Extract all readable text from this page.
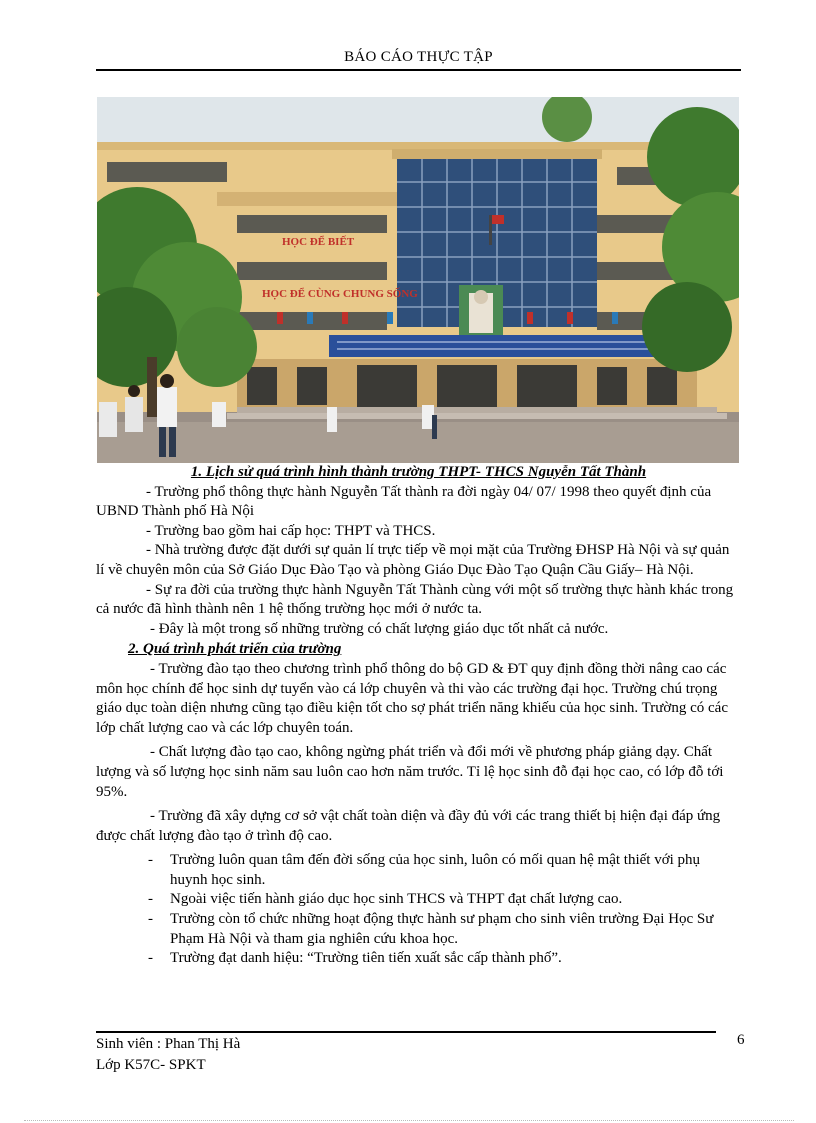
BÁO CÁO THỰC TẬP
HỌC ĐỂ BIẾT
HỌC ĐỂ CÙNG CHUNG SỐNG

1. Lịch sử quá trình hình thành trường THPT- THCS Nguyễn Tất Thành

- Trường phổ thông thực hành Nguyễn Tất thành ra đời ngày 04/ 07/ 1998 theo quyết định của UBND Thành phố Hà Nội

- Trường bao gồm hai cấp học: THPT và THCS.

- Nhà trường được đặt dưới sự quản lí trực tiếp về mọi mặt của Trường ĐHSP Hà Nội và sự quản lí về chuyên môn của Sở Giáo Dục Đào Tạo và phòng Giáo Dục Đào Tạo Quận Cầu Giấy– Hà Nội.

- Sự ra đời của trường thực hành Nguyễn Tất Thành cùng với một số trường thực hành khác trong cả nước đã hình thành nên 1 hệ thống trường học mới ở nước ta.

- Đây là một trong số những trường có chất lượng giáo dục tốt nhất cả nước.

2. Quá trình phát triển của trường

- Trường đào tạo theo chương trình phổ thông do bộ GD & ĐT quy định đồng thời nâng cao các môn học chính để học sinh dự tuyển vào cá lớp chuyên và thi vào các trường đại học. Trường chú trọng giáo dục toàn diện nhưng cũng tạo điều kiện tốt cho sợ phát triển năng khiếu của học sinh. Trường có các lớp chất lượng cao và các lớp chuyên toán.

- Chất lượng đào tạo cao, không ngừng phát triển và đổi mới về phương pháp giảng dạy. Chất lượng và số lượng học sinh năm sau luôn cao hơn năm trước. Tỉ lệ học sinh đỗ đại học cao, có lớp đỗ tới 95%.

- Trường đã xây dựng cơ sở vật chất toàn diện và đầy đủ với các trang thiết bị hiện đại đáp ứng được chất lượng đào tạo ở trình độ cao.

- Trường luôn quan tâm đến đời sống của học sinh, luôn có mối quan hệ mật thiết với phụ huynh học sinh.

- Ngoài việc tiến hành giáo dục học sinh THCS và THPT đạt chất lượng cao.

- Trường còn tổ chức những hoạt động thực hành sư phạm cho sinh viên trường Đại Học Sư Phạm Hà Nội và tham gia nghiên cứu khoa học.

- Trường đạt danh hiệu: “Trường tiên tiến xuất sắc cấp thành phố”.

Sinh viên : Phan Thị Hà
Lớp K57C- SPKT
6
